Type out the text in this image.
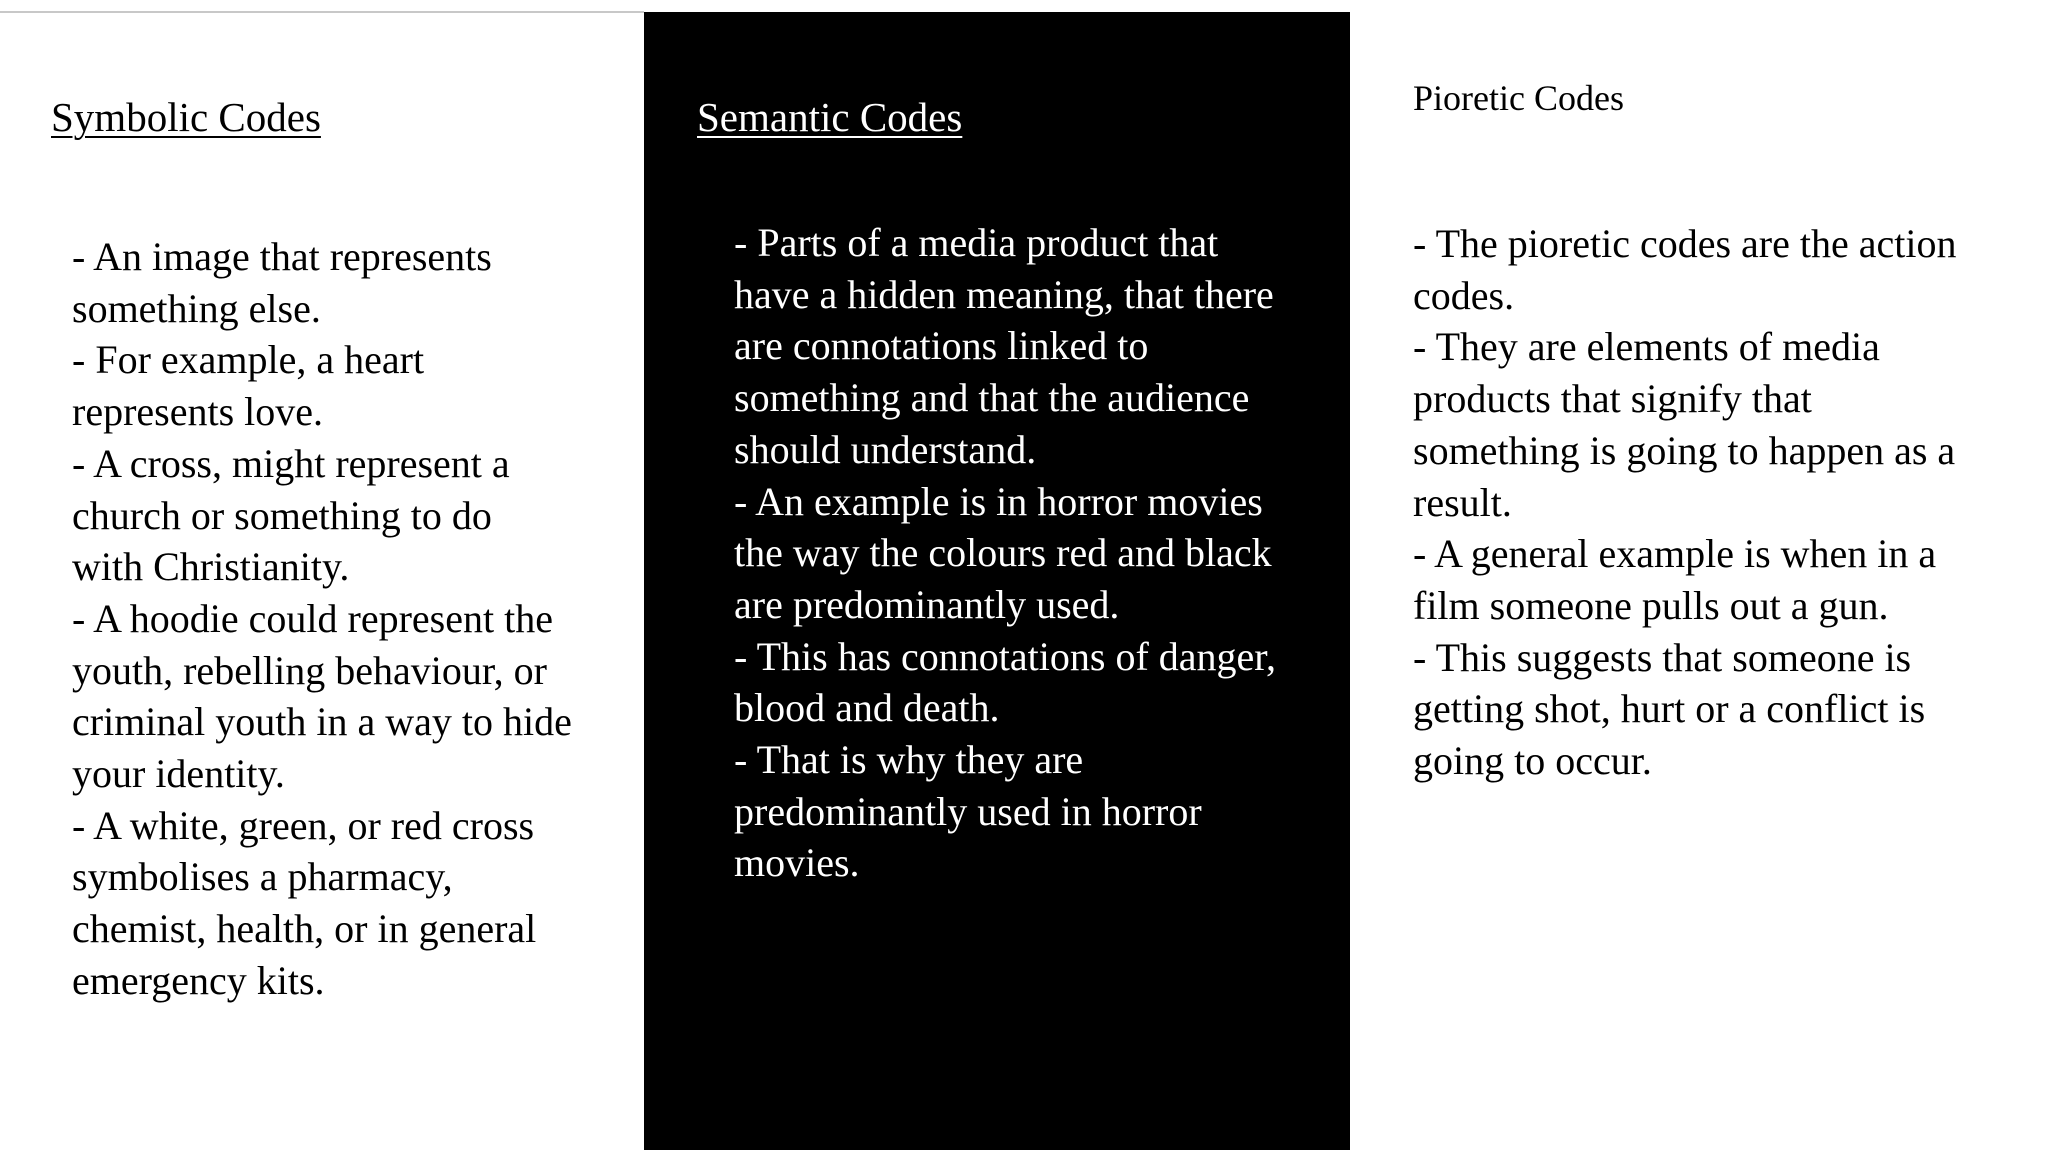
Symbolic Codes
- An image that represents something else.
- For example, a heart represents love.
- A cross, might represent a church or something to do with Christianity.
- A hoodie could represent the youth, rebelling behaviour, or criminal youth in a way to hide your identity.
- A white, green, or red cross symbolises a pharmacy, chemist, health, or in general emergency kits.
Semantic Codes
- Parts of a media product that have a hidden meaning, that there are connotations linked to something and that the audience should understand.
- An example is in horror movies the way the colours red and black are predominantly used.
- This has connotations of danger, blood and death.
- That is why they are predominantly used in horror movies.
Pioretic Codes
- The pioretic codes are the action codes.
- They are elements of media products that signify that something is going to happen as a result.
- A general example is when in a film someone pulls out a gun.
- This suggests that someone is getting shot, hurt or a conflict is going to occur.
